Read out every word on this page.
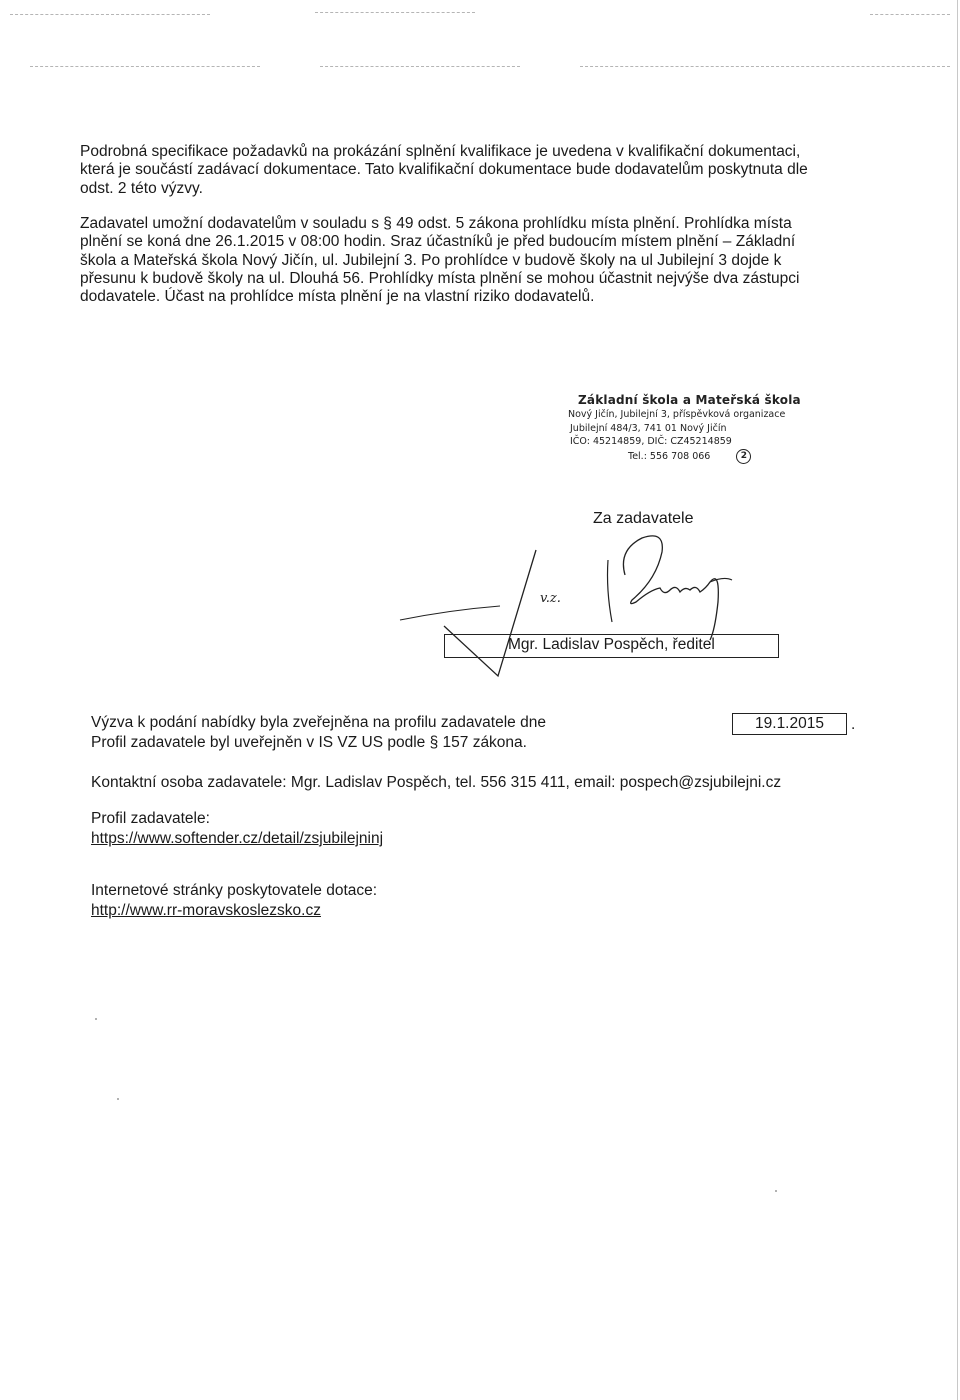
Podrobná specifikace požadavků na prokázání splnění kvalifikace je uvedena v kvalifikační dokumentaci,

která je součástí zadávací dokumentace. Tato kvalifikační dokumentace bude dodavatelům poskytnuta dle

odst. 2 této výzvy.

Zadavatel umožní dodavatelům v souladu s § 49 odst. 5 zákona prohlídku místa plnění. Prohlídka místa

plnění se koná dne 26.1.2015 v 08:00 hodin. Sraz účastníků je před budoucím místem plnění – Základní

škola a Mateřská škola Nový Jičín, ul. Jubilejní 3. Po prohlídce v budově školy na ul Jubilejní 3 dojde k

přesunu k budově školy na ul. Dlouhá 56. Prohlídky místa plnění se mohou účastnit nejvýše dva zástupci

dodavatele. Účast na prohlídce místa plnění je na vlastní riziko dodavatelů.

Základní škola a Mateřská škola
Nový Jičín, Jubilejní 3, příspěvková organizace
Jubilejní 484/3, 741 01 Nový Jičín
IČO: 45214859, DIČ: CZ45214859
Tel.: 556 708 066	2
Za zadavatele
v.z.
Mgr. Ladislav Pospěch, ředitel
Výzva k podání nabídky byla zveřejněna na profilu zadavatele dne	19.1.2015	.
Profil zadavatele byl uveřejněn v IS VZ US podle § 157 zákona.
Kontaktní osoba zadavatele: Mgr. Ladislav Pospěch, tel. 556 315 411, email: pospech@zsjubilejni.cz
Profil zadavatele:
https://www.softender.cz/detail/zsjubilejninj
Internetové stránky poskytovatele dotace:
http://www.rr-moravskoslezsko.cz
